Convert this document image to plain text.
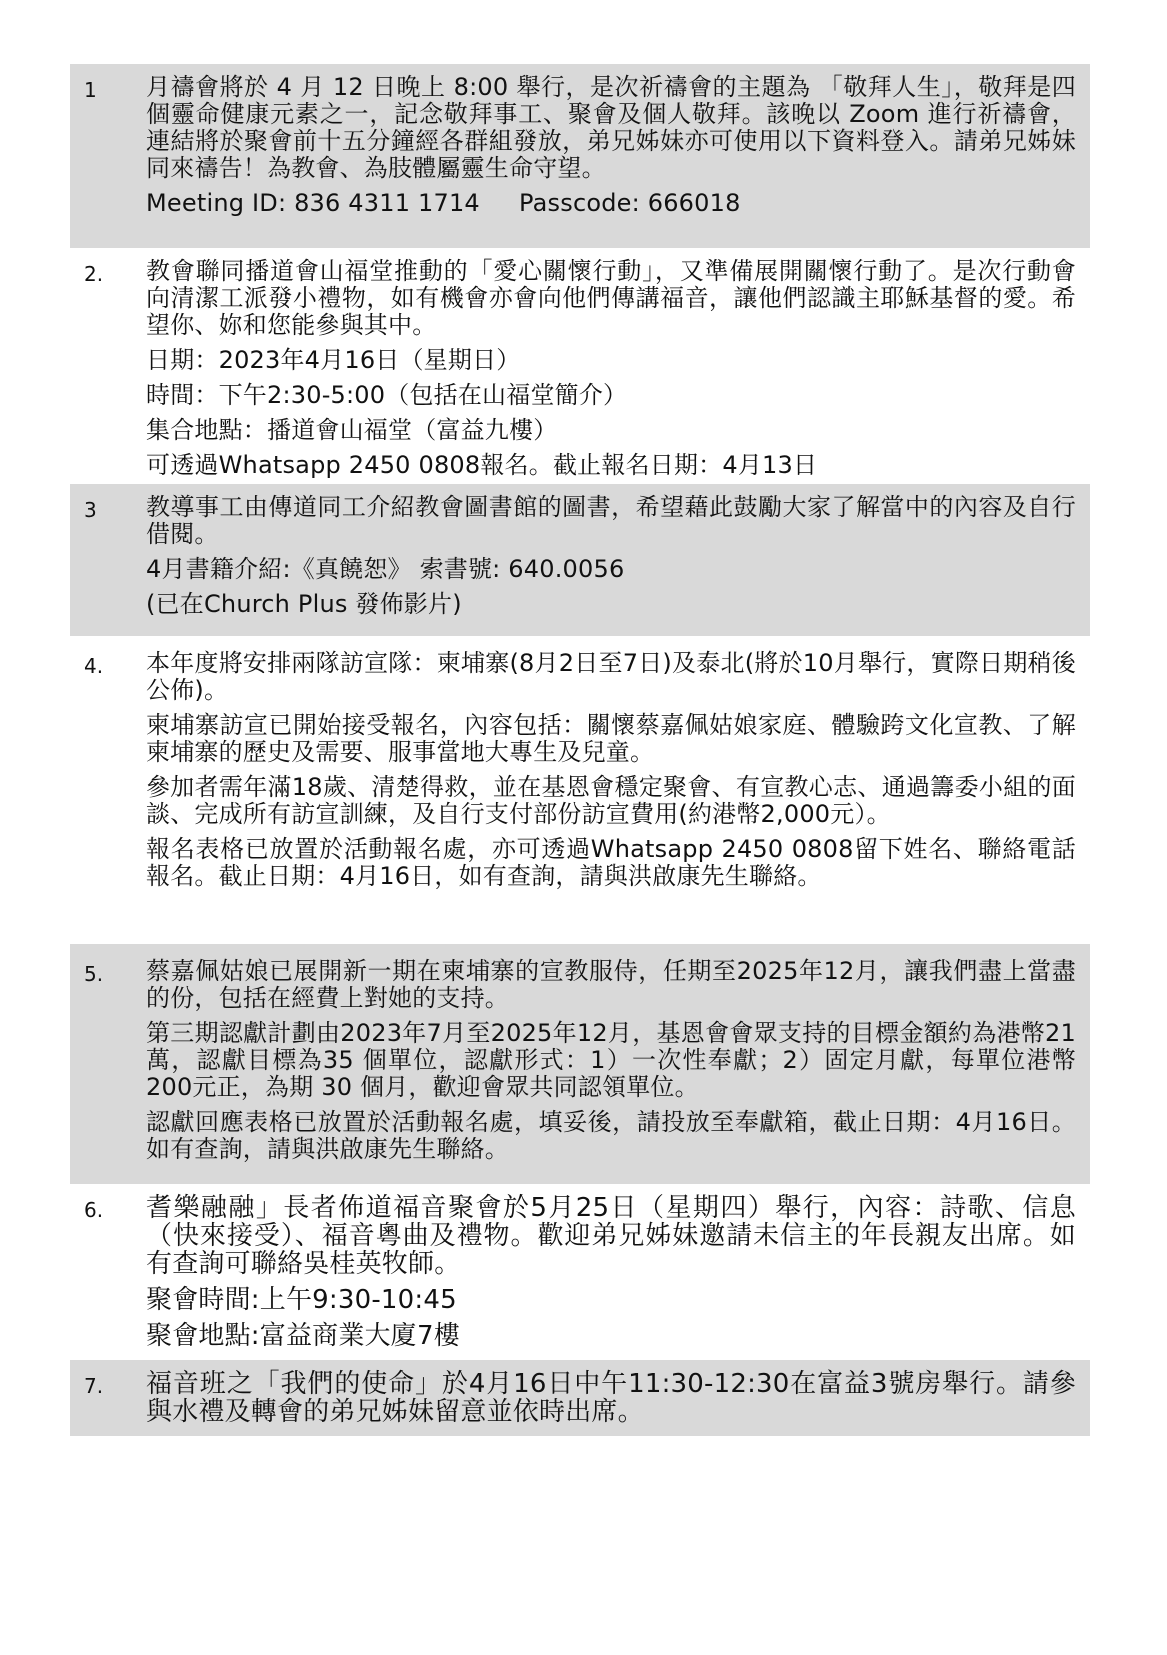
1	月禱會將於 4 月 12 日晚上 8:00 舉行，是次祈禱會的主題為 「敬拜人生」，敬拜是四個靈命健康元素之一，記念敬拜事工、聚會及個人敬拜。該晚以 Zoom 進行祈禱會，連結將於聚會前十五分鐘經各群組發放，弟兄姊妹亦可使用以下資料登入。請弟兄姊妹同來禱告！為教會、為肢體屬靈生命守望。

Meeting ID: 836 4311 1714     Passcode: 666018

2.	教會聯同播道會山福堂推動的「愛心關懷行動」，又準備展開關懷行動了。是次行動會向清潔工派發小禮物，如有機會亦會向他們傳講福音，讓他們認識主耶穌基督的愛。希望你、妳和您能參與其中。

日期：2023年4月16日（星期日）

時間：下午2:30-5:00（包括在山福堂簡介）

集合地點：播道會山福堂（富益九樓）

可透過Whatsapp 2450 0808報名。截止報名日期：4月13日

3	教導事工由傳道同工介紹教會圖書館的圖書，希望藉此鼓勵大家了解當中的內容及自行借閱。

4月書籍介紹:《真饒恕》 索書號: 640.0056

(已在Church Plus 發佈影片)

4.	本年度將安排兩隊訪宣隊：柬埔寨(8月2日至7日)及泰北(將於10月舉行，實際日期稍後公佈)。

柬埔寨訪宣已開始接受報名，內容包括：關懷蔡嘉佩姑娘家庭、體驗跨文化宣教、了解柬埔寨的歷史及需要、服事當地大專生及兒童。

參加者需年滿18歲、清楚得救，並在基恩會穩定聚會、有宣教心志、通過籌委小組的面談、完成所有訪宣訓練，及自行支付部份訪宣費用(約港幣2,000元）。

報名表格已放置於活動報名處，亦可透過Whatsapp 2450 0808留下姓名、聯絡電話報名。截止日期：4月16日，如有查詢，請與洪啟康先生聯絡。

5.	蔡嘉佩姑娘已展開新一期在柬埔寨的宣教服侍，任期至2025年12月，讓我們盡上當盡的份，包括在經費上對她的支持。

第三期認獻計劃由2023年7月至2025年12月，基恩會會眾支持的目標金額約為港幣21萬，認獻目標為35 個單位，認獻形式：1）一次性奉獻；2）固定月獻，每單位港幣200元正，為期 30 個月，歡迎會眾共同認領單位。

認獻回應表格已放置於活動報名處，填妥後，請投放至奉獻箱，截止日期：4月16日。如有查詢，請與洪啟康先生聯絡。

6.	耆樂融融」長者佈道福音聚會於5月25日（星期四）舉行，內容：詩歌、信息（快來接受）、福音粵曲及禮物。歡迎弟兄姊妹邀請未信主的年長親友出席。如有查詢可聯絡吳桂英牧師。

聚會時間:上午9:30-10:45

聚會地點:富益商業大廈7樓

7.	福音班之「我們的使命」於4月16日中午11:30-12:30在富益3號房舉行。請參與水禮及轉會的弟兄姊妹留意並依時出席。
